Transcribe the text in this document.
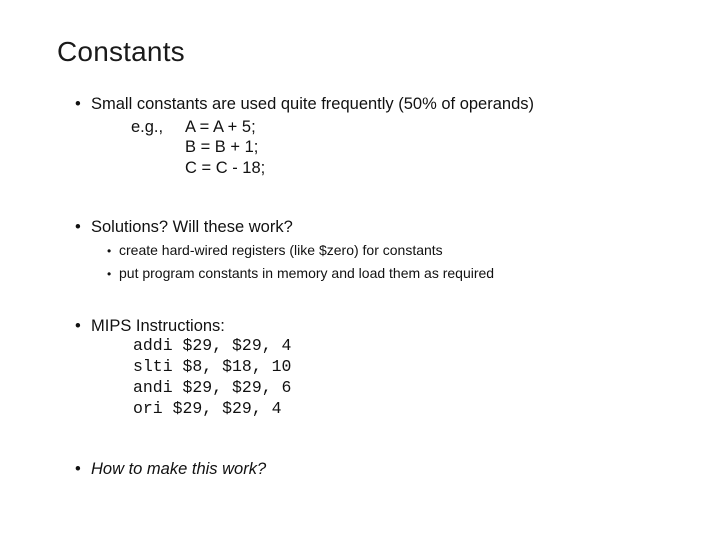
Constants
• Small constants are used quite frequently (50% of operands)
e.g., A = A + 5;
B = B + 1;
C = C - 18;
• Solutions? Will these work?
• create hard-wired registers (like $zero) for constants
• put program constants in memory and load them as required
• MIPS Instructions:
addi $29, $29, 4
slti $8, $18, 10
andi $29, $29, 6
ori $29, $29, 4
• How to make this work?
